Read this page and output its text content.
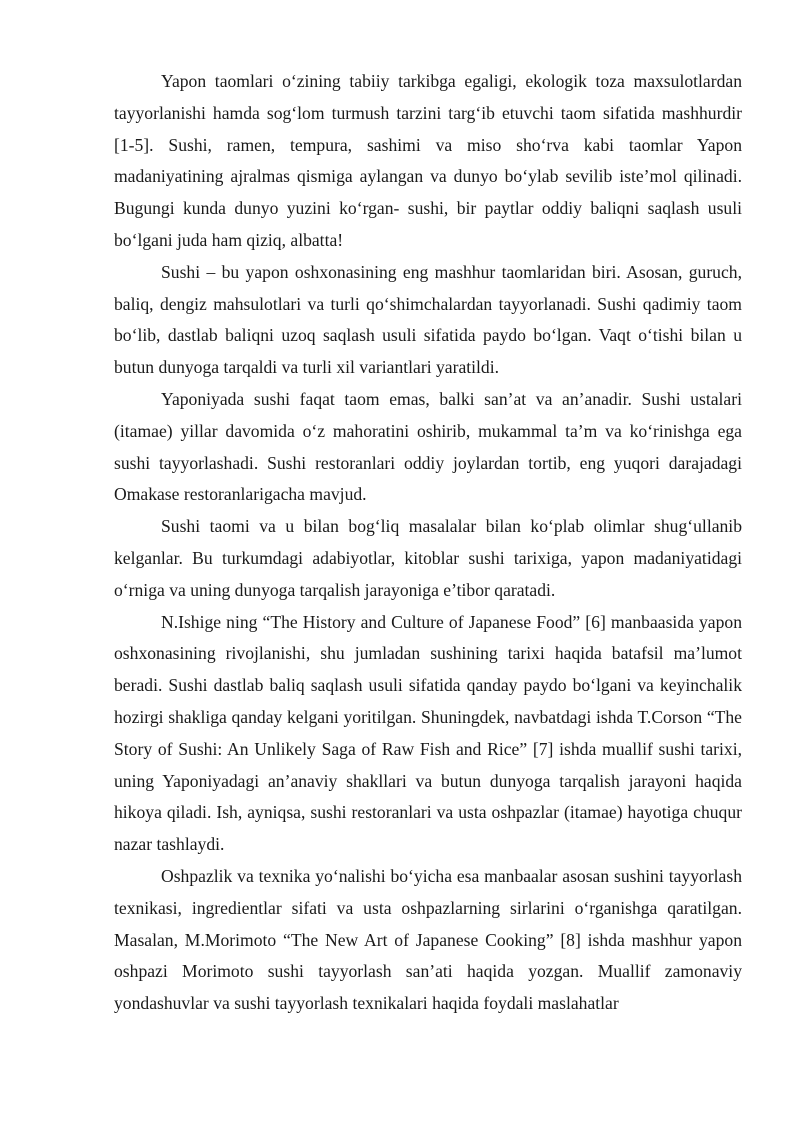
Yapon taomlari o‘zining tabiiy tarkibga egaligi, ekologik toza maxsulotlardan tayyorlanishi hamda sog‘lom turmush tarzini targ‘ib etuvchi taom sifatida mashhurdir [1-5]. Sushi, ramen, tempura, sashimi va miso sho‘rva kabi taomlar Yapon madaniyatining ajralmas qismiga aylangan va dunyo bo‘ylab sevilib iste’mol qilinadi. Bugungi kunda dunyo yuzini ko‘rgan- sushi, bir paytlar oddiy baliqni saqlash usuli bo‘lgani juda ham qiziq, albatta!

Sushi – bu yapon oshxonasining eng mashhur taomlaridan biri. Asosan, guruch, baliq, dengiz mahsulotlari va turli qo‘shimchalardan tayyorlanadi. Sushi qadimiy taom bo‘lib, dastlab baliqni uzoq saqlash usuli sifatida paydo bo‘lgan. Vaqt o‘tishi bilan u butun dunyoga tarqaldi va turli xil variantlari yaratildi.

Yaponiyada sushi faqat taom emas, balki san’at va an’anadir. Sushi ustalari (itamae) yillar davomida o‘z mahoratini oshirib, mukammal ta’m va ko‘rinishga ega sushi tayyorlashadi. Sushi restoranlari oddiy joylardan tortib, eng yuqori darajadagi Omakase restoranlarigacha mavjud.

Sushi taomi va u bilan bog‘liq masalalar bilan ko‘plab olimlar shug‘ullanib kelganlar. Bu turkumdagi adabiyotlar, kitoblar sushi tarixiga, yapon madaniyatidagi o‘rniga va uning dunyoga tarqalish jarayoniga e’tibor qaratadi.

N.Ishige ning “The History and Culture of Japanese Food” [6] manbaasida yapon oshxonasining rivojlanishi, shu jumladan sushining tarixi haqida batafsil ma’lumot beradi. Sushi dastlab baliq saqlash usuli sifatida qanday paydo bo‘lgani va keyinchalik hozirgi shakliga qanday kelgani yoritilgan. Shuningdek, navbatdagi ishda T.Corson “The Story of Sushi: An Unlikely Saga of Raw Fish and Rice” [7] ishda muallif sushi tarixi, uning Yaponiyadagi an’anaviy shakllari va butun dunyoga tarqalish jarayoni haqida hikoya qiladi. Ish, ayniqsa, sushi restoranlari va usta oshpazlar (itamae) hayotiga chuqur nazar tashlaydi.

Oshpazlik va texnika yo‘nalishi bo‘yicha esa manbaalar asosan sushini tayyorlash texnikasi, ingredientlar sifati va usta oshpazlarning sirlarini o‘rganishga qaratilgan. Masalan, M.Morimoto “The New Art of Japanese Cooking” [8] ishda mashhur yapon oshpazi Morimoto sushi tayyorlash san’ati haqida yozgan. Muallif zamonaviy yondashuvlar va sushi tayyorlash texnikalari haqida foydali maslahatlar
